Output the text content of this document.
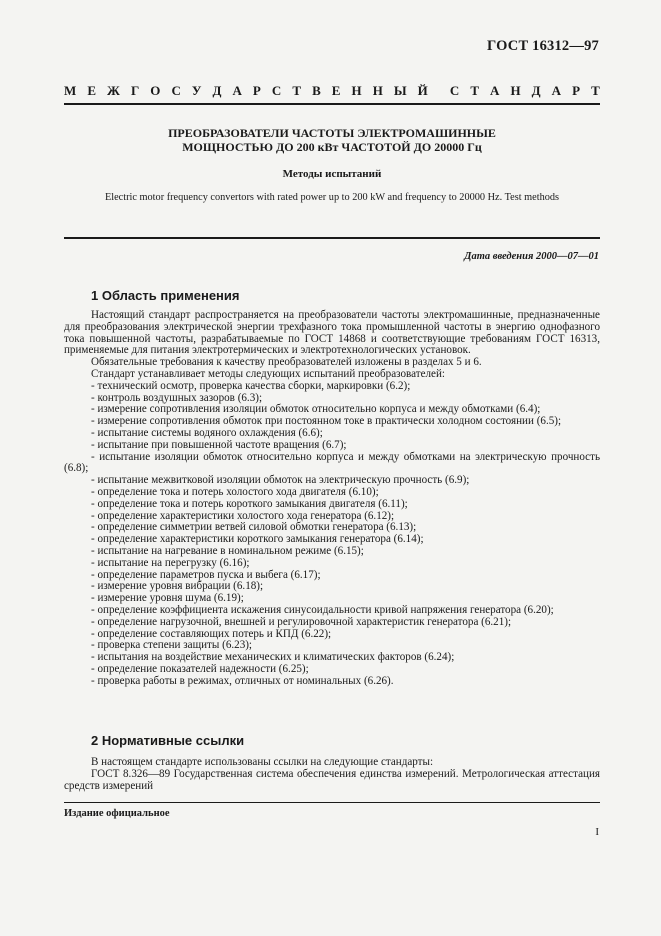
ГОСТ 16312—97
М Е Ж Г О С У Д А Р С Т В Е Н Н Ы Й С Т А Н Д А Р Т
ПРЕОБРАЗОВАТЕЛИ ЧАСТОТЫ ЭЛЕКТРОМАШИННЫЕ
МОЩНОСТЬЮ ДО 200 кВт ЧАСТОТОЙ ДО 20000 Гц
Методы испытаний
Electric motor frequency convertors with rated power up to 200 kW and frequency to 20000 Hz. Test methods
Дата введения 2000—07—01
1 Область применения

Настоящий стандарт распространяется на преобразователи частоты электромашинные, предназначенные для преобразования электрической энергии трехфазного тока промышленной частоты в энергию однофазного тока повышенной частоты, разрабатываемые по ГОСТ 14868 и соответствующие требованиям ГОСТ 16313, применяемые для питания электротермических и электротехнологических установок.

Обязательные требования к качеству преобразователей изложены в разделах 5 и 6.

Стандарт устанавливает методы следующих испытаний преобразователей:

- технический осмотр, проверка качества сборки, маркировки (6.2);
- контроль воздушных зазоров (6.3);
- измерение сопротивления изоляции обмоток относительно корпуса и между обмотками (6.4);
- измерение сопротивления обмоток при постоянном токе в практически холодном состоянии (6.5);
- испытание системы водяного охлаждения (6.6);
- испытание при повышенной частоте вращения (6.7);
- испытание изоляции обмоток относительно корпуса и между обмотками на электрическую прочность (6.8);
- испытание межвитковой изоляции обмоток на электрическую прочность (6.9);
- определение тока и потерь холостого хода двигателя (6.10);
- определение тока и потерь короткого замыкания двигателя (6.11);
- определение характеристики холостого хода генератора (6.12);
- определение симметрии ветвей силовой обмотки генератора (6.13);
- определение характеристики короткого замыкания генератора (6.14);
- испытание на нагревание в номинальном режиме (6.15);
- испытание на перегрузку (6.16);
- определение параметров пуска и выбега (6.17);
- измерение уровня вибрации (6.18);
- измерение уровня шума (6.19);
- определение коэффициента искажения синусоидальности кривой напряжения генератора (6.20);
- определение нагрузочной, внешней и регулировочной характеристик генератора (6.21);
- определение составляющих потерь и КПД (6.22);
- проверка степени защиты (6.23);
- испытания на воздействие механических и климатических факторов (6.24);
- определение показателей надежности (6.25);
- проверка работы в режимах, отличных от номинальных (6.26).
2 Нормативные ссылки

В настоящем стандарте использованы ссылки на следующие стандарты:

ГОСТ 8.326—89 Государственная система обеспечения единства измерений. Метрологическая аттестация средств измерений

Издание официальное
I
